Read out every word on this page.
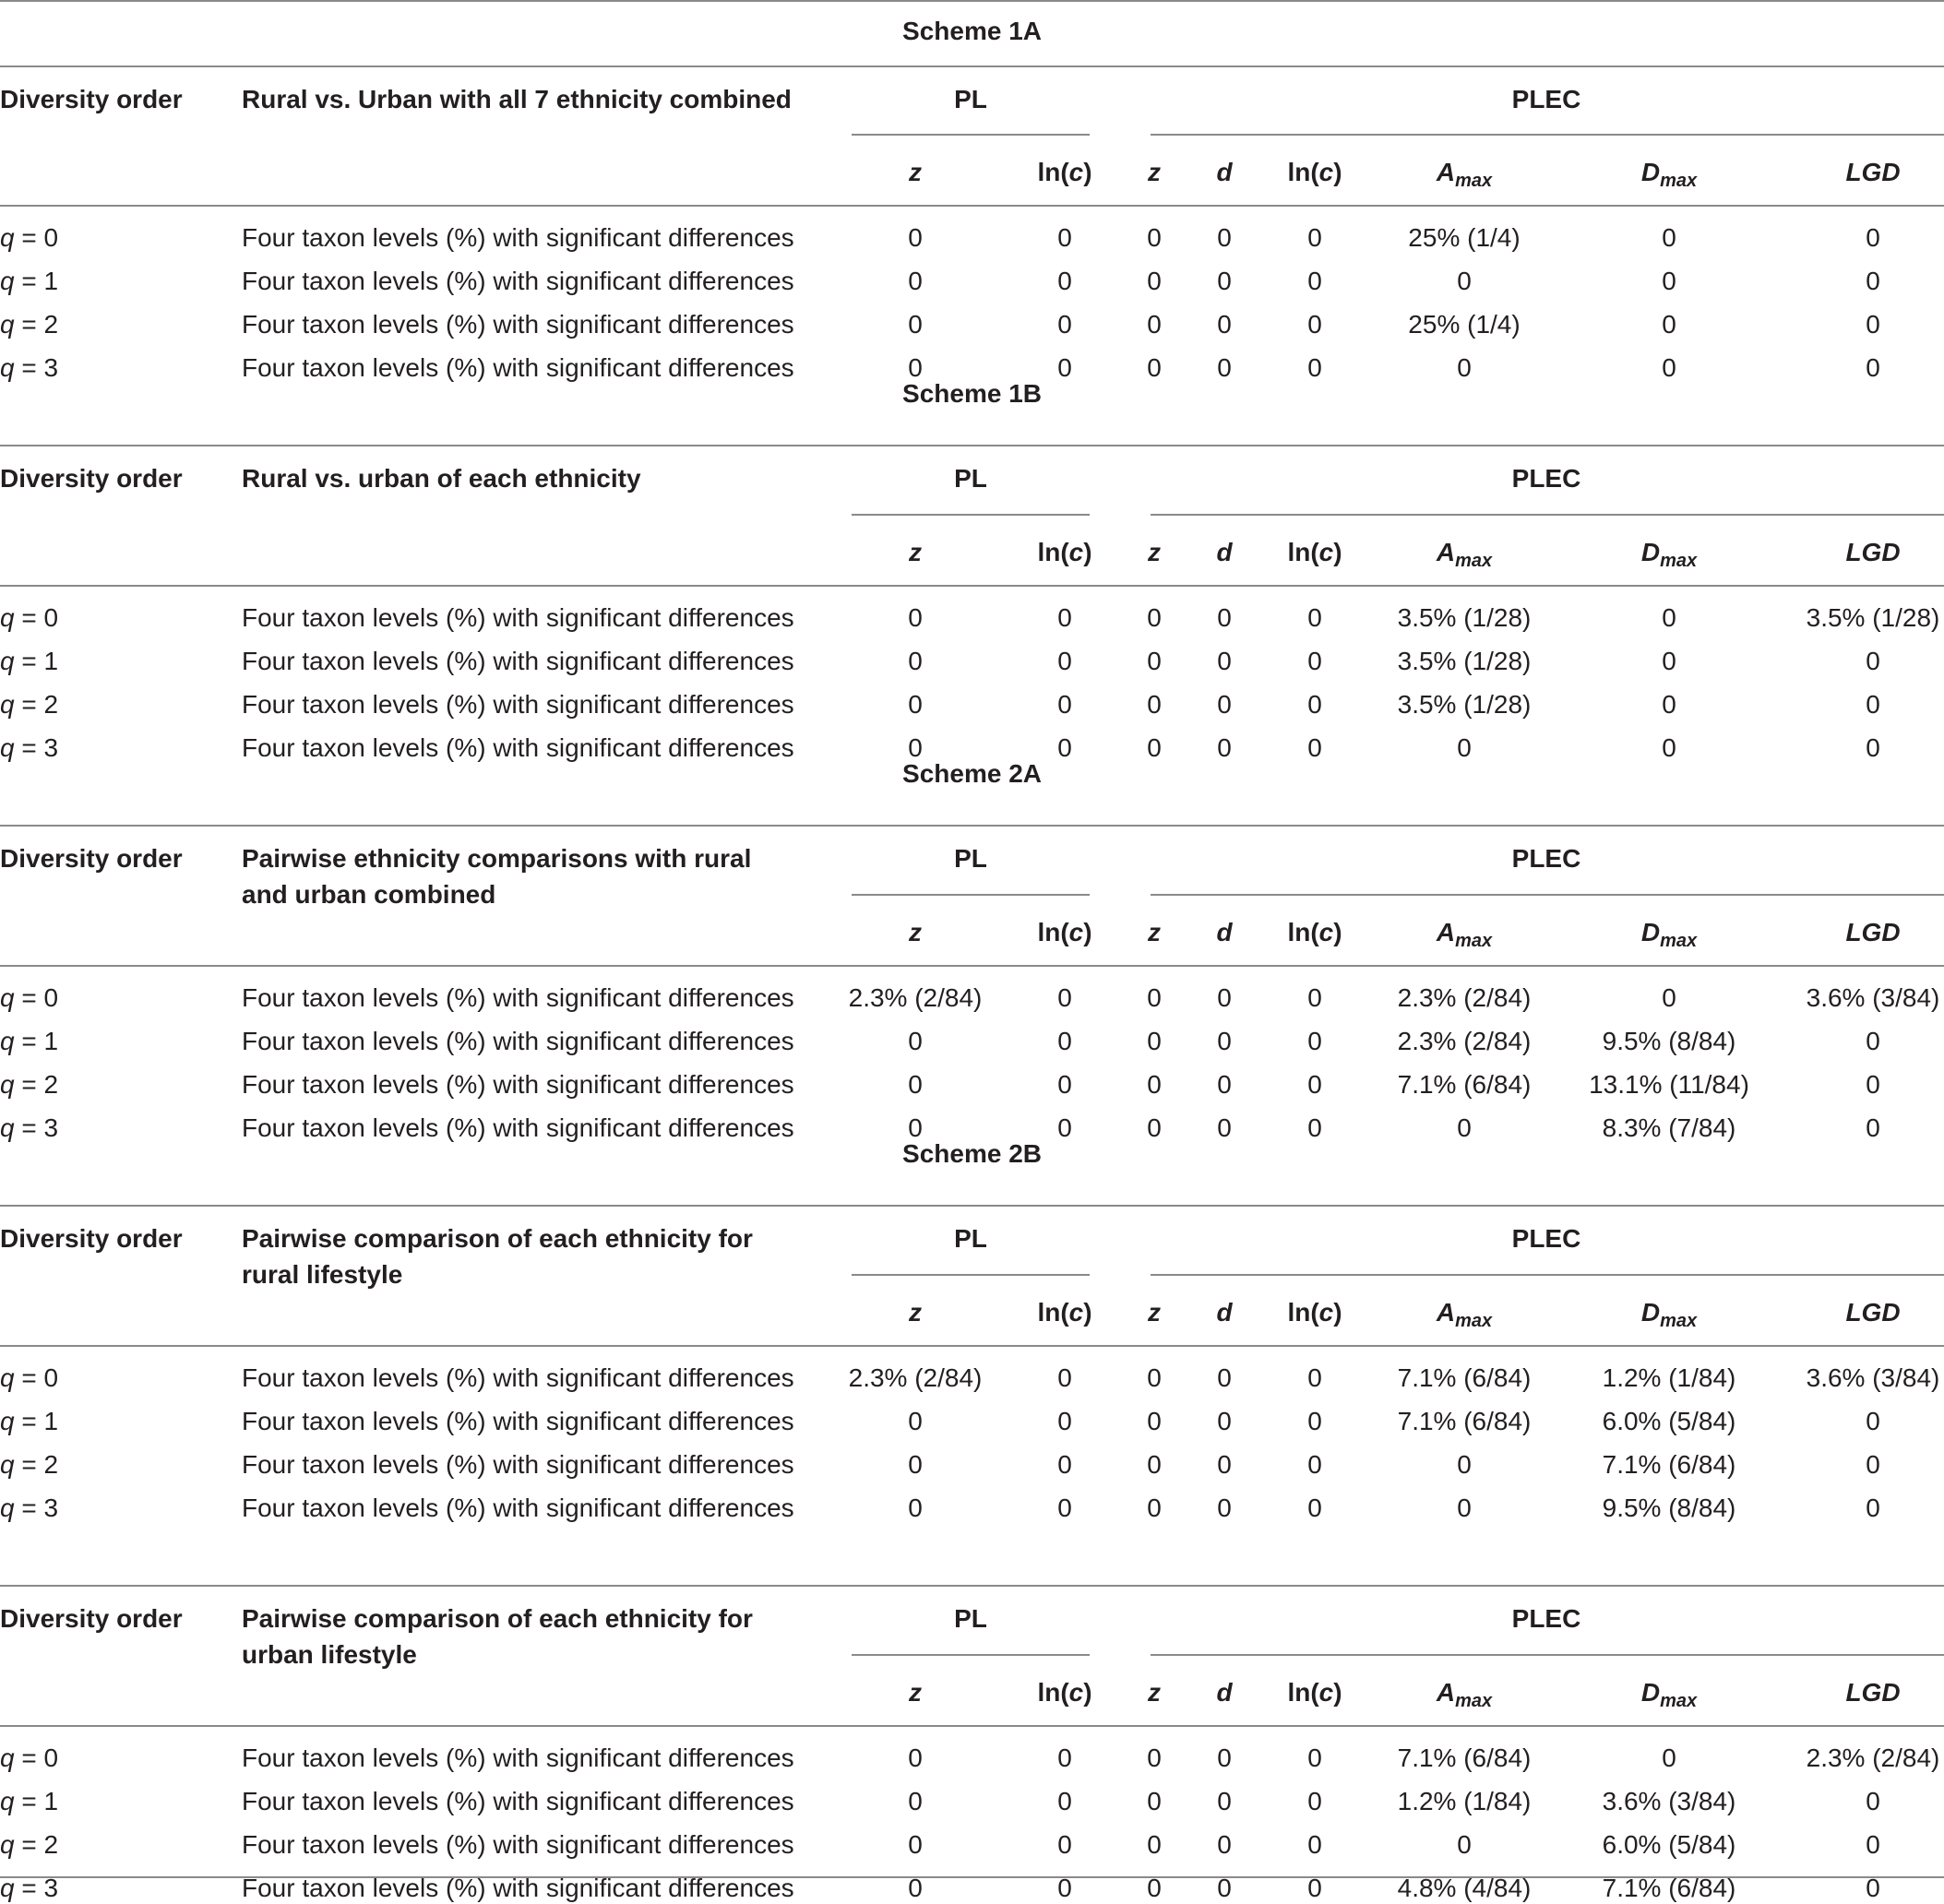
Scheme 1A
Diversity order	Rural vs. Urban with all 7 ethnicity combined	PL	PLEC
z	ln(c)	z	d	ln(c)	$A_{max}$	$D_{max}$	LGD
q = 0	Four taxon levels (%) with significant differences	0	0	0	0	0	25% (1/4)	0	0
q = 1	Four taxon levels (%) with significant differences	0	0	0	0	0	0	0	0
q = 2	Four taxon levels (%) with significant differences	0	0	0	0	0	25% (1/4)	0	0
q = 3	Four taxon levels (%) with significant differences	0	0	0	0	0	0	0	0
Scheme 1B
Diversity order	Rural vs. urban of each ethnicity	PL	PLEC
z	ln(c)	z	d	ln(c)	$A_{max}$	$D_{max}$	LGD
q = 0	Four taxon levels (%) with significant differences	0	0	0	0	0	3.5% (1/28)	0	3.5% (1/28)
q = 1	Four taxon levels (%) with significant differences	0	0	0	0	0	3.5% (1/28)	0	0
q = 2	Four taxon levels (%) with significant differences	0	0	0	0	0	3.5% (1/28)	0	0
q = 3	Four taxon levels (%) with significant differences	0	0	0	0	0	0	0	0
Scheme 2A
Diversity order	Pairwise ethnicity comparisons with rural and urban combined
PL	PLEC
z	ln(c)	z	d	ln(c)	$A_{max}$	$D_{max}$	LGD
q = 0	Four taxon levels (%) with significant differences	2.3% (2/84)	0	0	0	0	2.3% (2/84)	0	3.6% (3/84)
q = 1	Four taxon levels (%) with significant differences	0	0	0	0	0	2.3% (2/84)	9.5% (8/84)	0
q = 2	Four taxon levels (%) with significant differences	0	0	0	0	0	7.1% (6/84)	13.1% (11/84)	0
q = 3	Four taxon levels (%) with significant differences	0	0	0	0	0	0	8.3% (7/84)	0
Scheme 2B
Diversity order	Pairwise comparison of each ethnicity for rural lifestyle
PL	PLEC
z	ln(c)	z	d	ln(c)	$A_{max}$	$D_{max}$	LGD
q = 0	Four taxon levels (%) with significant differences	2.3% (2/84)	0	0	0	0	7.1% (6/84)	1.2% (1/84)	3.6% (3/84)
q = 1	Four taxon levels (%) with significant differences	0	0	0	0	0	7.1% (6/84)	6.0% (5/84)	0
q = 2	Four taxon levels (%) with significant differences	0	0	0	0	0	0	7.1% (6/84)	0
q = 3	Four taxon levels (%) with significant differences	0	0	0	0	0	0	9.5% (8/84)	0
Diversity order	Pairwise comparison of each ethnicity for urban lifestyle
PL	PLEC
z	ln(c)	z	d	ln(c)	$A_{max}$	$D_{max}$	LGD
q = 0	Four taxon levels (%) with significant differences	0	0	0	0	0	7.1% (6/84)	0	2.3% (2/84)
q = 1	Four taxon levels (%) with significant differences	0	0	0	0	0	1.2% (1/84)	3.6% (3/84)	0
q = 2	Four taxon levels (%) with significant differences	0	0	0	0	0	0	6.0% (5/84)	0
q = 3	Four taxon levels (%) with significant differences	0	0	0	0	0	4.8% (4/84)	7.1% (6/84)	0
